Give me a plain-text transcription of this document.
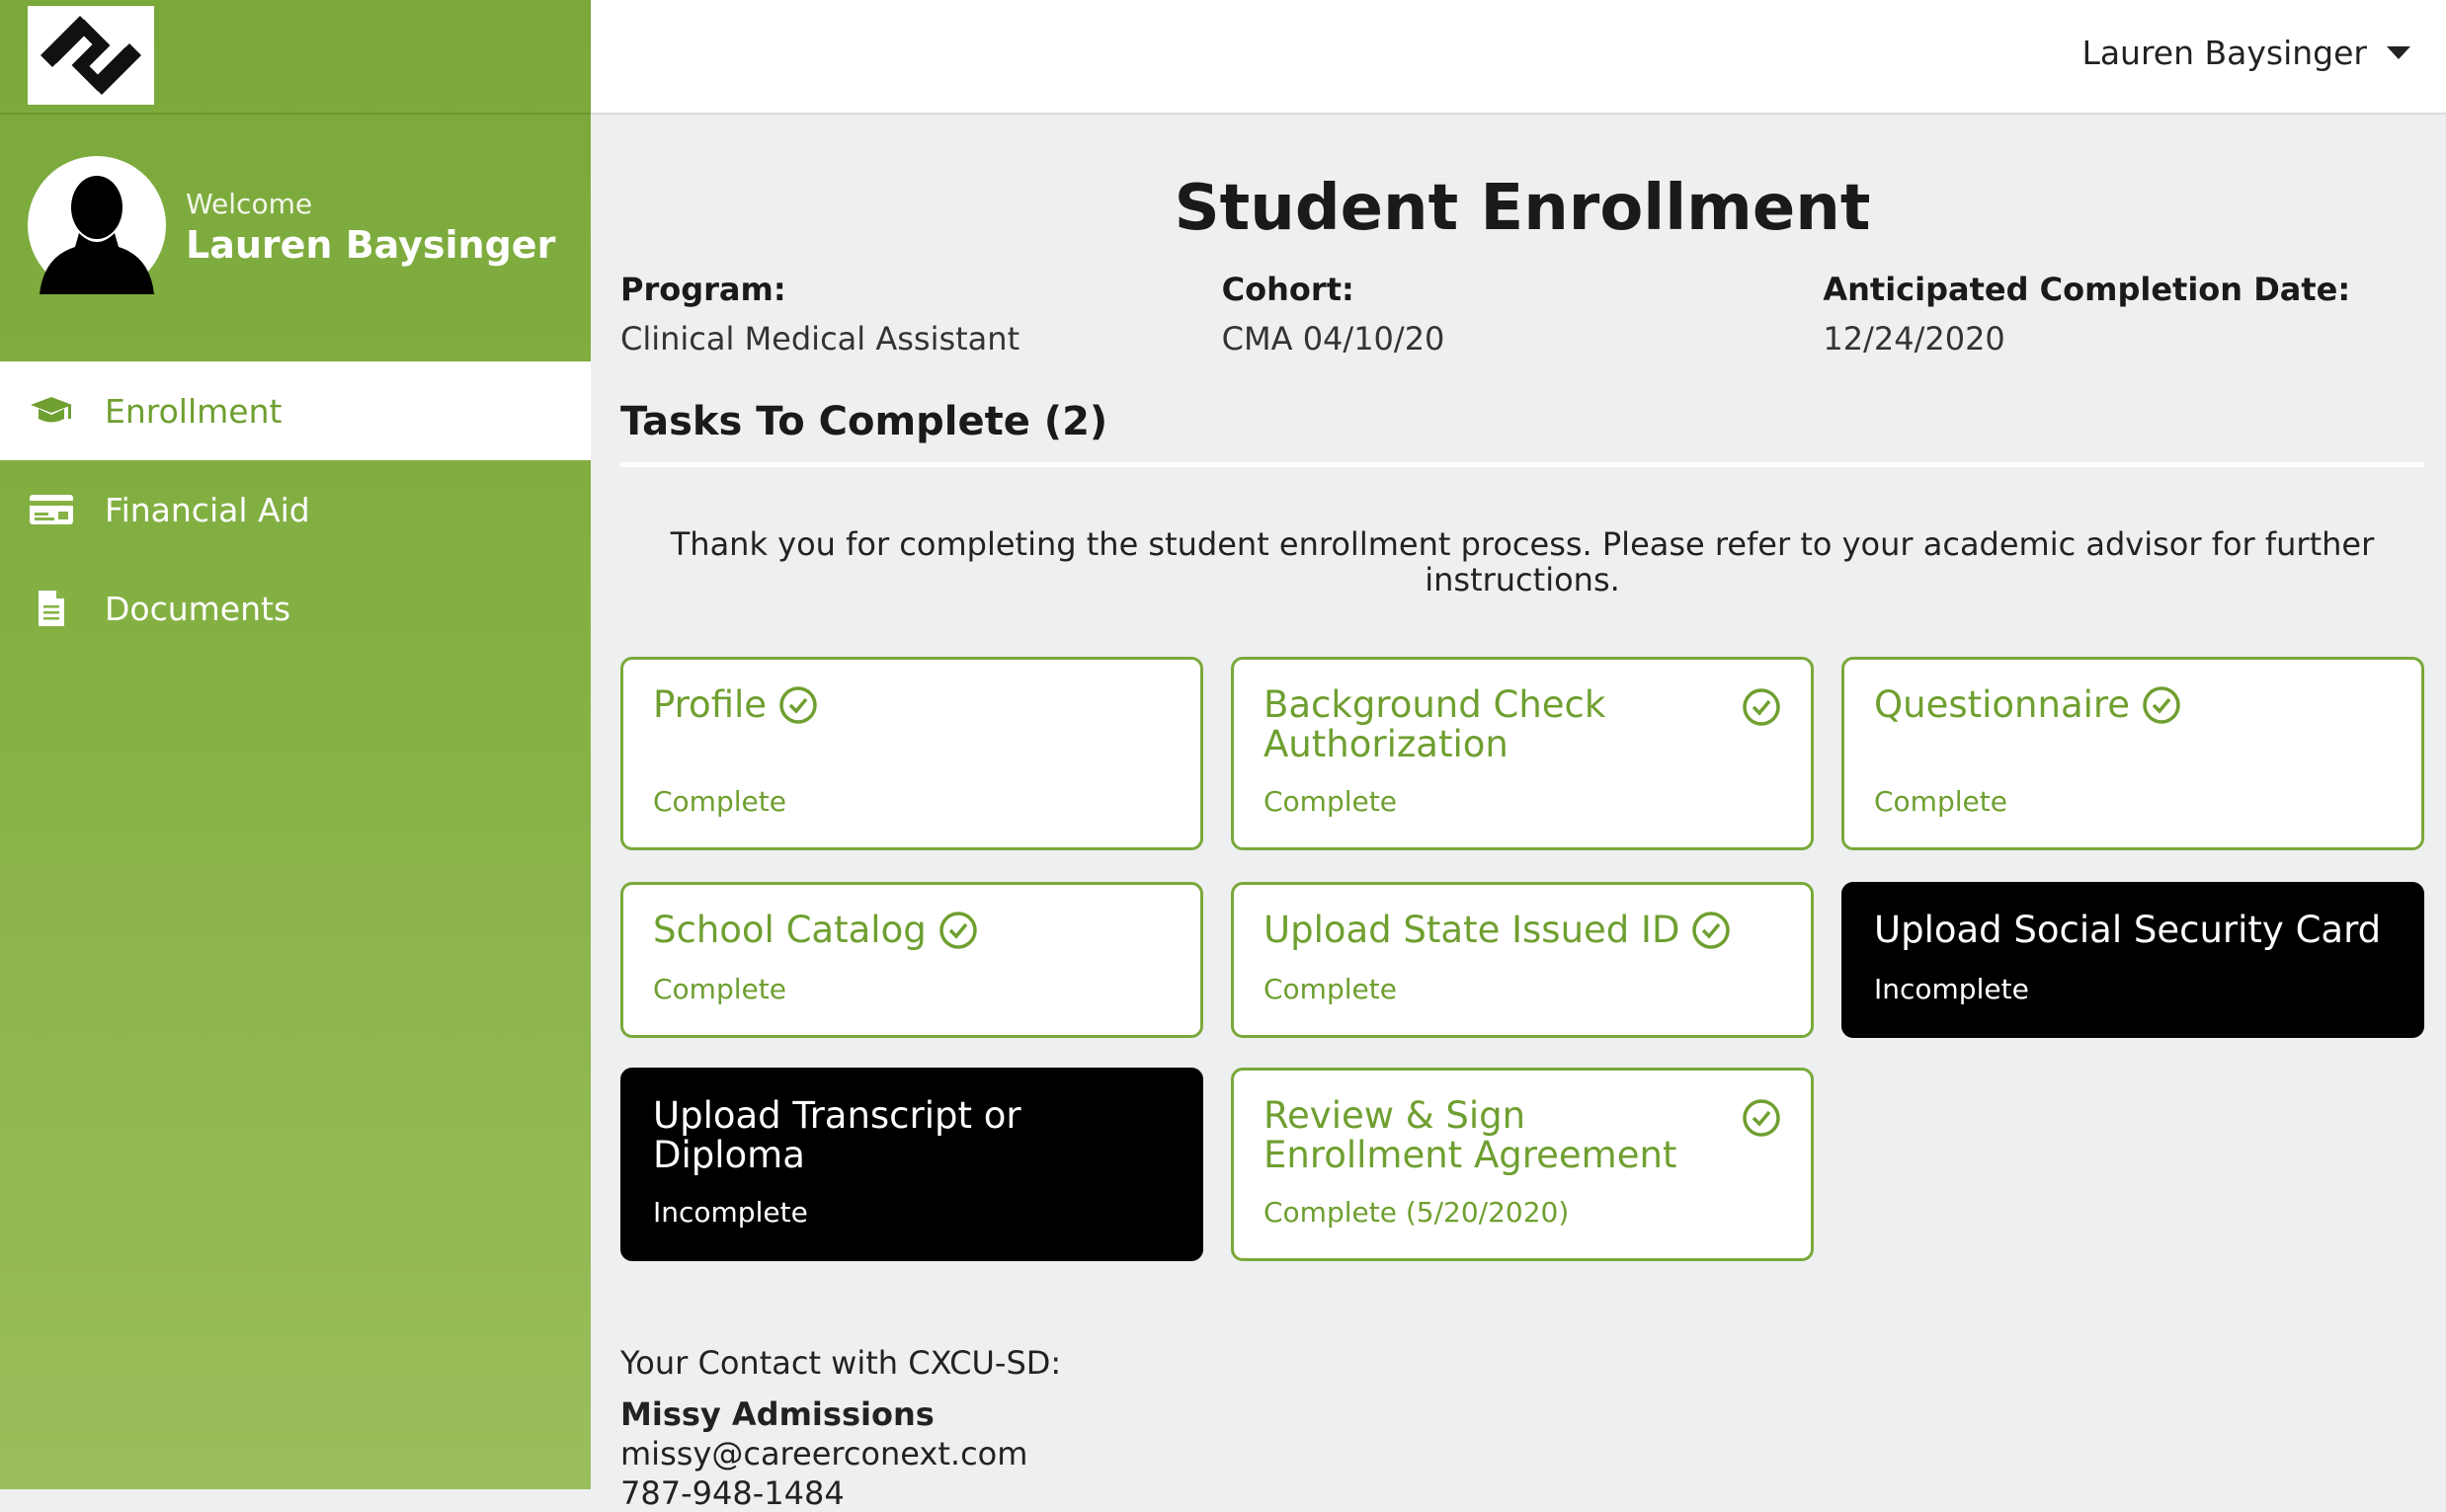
Welcome
Lauren Baysinger
Enrollment
Financial Aid
Documents
Lauren Baysinger
Student Enrollment
Program:
Clinical Medical Assistant
Cohort:
CMA 04/10/20
Anticipated Completion Date:
12/24/2020
Tasks To Complete (2)
Thank you for completing the student enrollment process. Please refer to your academic advisor for further instructions.
Profile
Complete
Background Check Authorization
Complete
Questionnaire
Complete
School Catalog
Complete
Upload State Issued ID
Complete
Upload Social Security Card
Incomplete
Upload Transcript or Diploma
Incomplete
Review & Sign Enrollment Agreement
Complete (5/20/2020)
Your Contact with CXCU-SD:
Missy Admissions
missy@careerconext.com
787-948-1484
